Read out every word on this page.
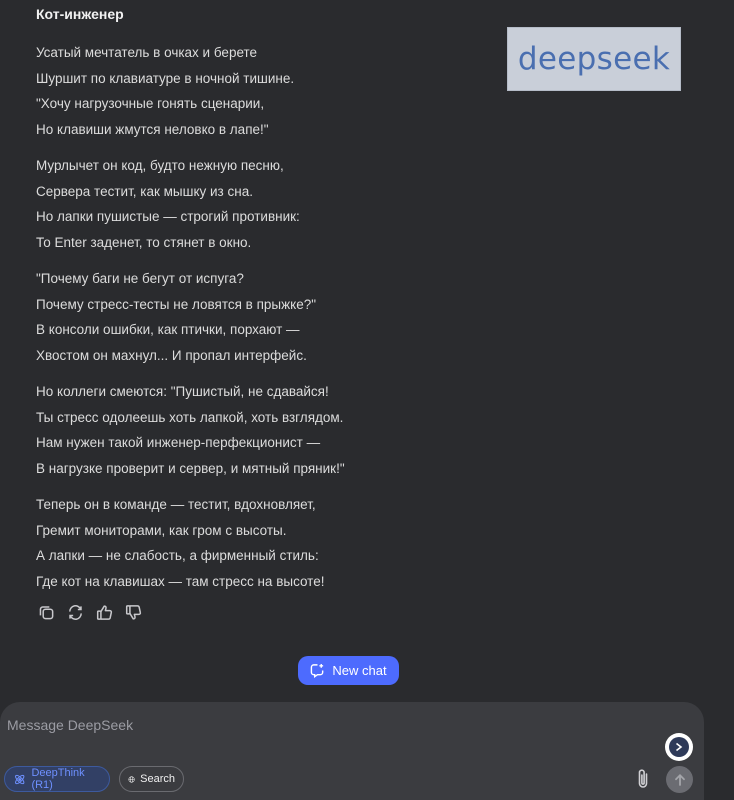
Кот-инженер
Усатый мечтатель в очках и берете
Шуршит по клавиатуре в ночной тишине.
"Хочу нагрузочные гонять сценарии,
Но клавиши жмутся неловко в лапе!"
Мурлычет он код, будто нежную песню,
Сервера тестит, как мышку из сна.
Но лапки пушистые — строгий противник:
То Enter заденет, то стянет в окно.
"Почему баги не бегут от испуга?
Почему стресс-тесты не ловятся в прыжке?"
В консоли ошибки, как птички, порхают —
Хвостом он махнул... И пропал интерфейс.
Но коллеги смеются: "Пушистый, не сдавайся!
Ты стресс одолеешь хоть лапкой, хоть взглядом.
Нам нужен такой инженер-перфекционист —
В нагрузке проверит и сервер, и мятный пряник!"
Теперь он в команде — тестит, вдохновляет,
Гремит мониторами, как гром с высоты.
А лапки — не слабость, а фирменный стиль:
Где кот на клавишах — там стресс на высоте!
deepseek
New chat
Message DeepSeek
DeepThink (R1)	Search
